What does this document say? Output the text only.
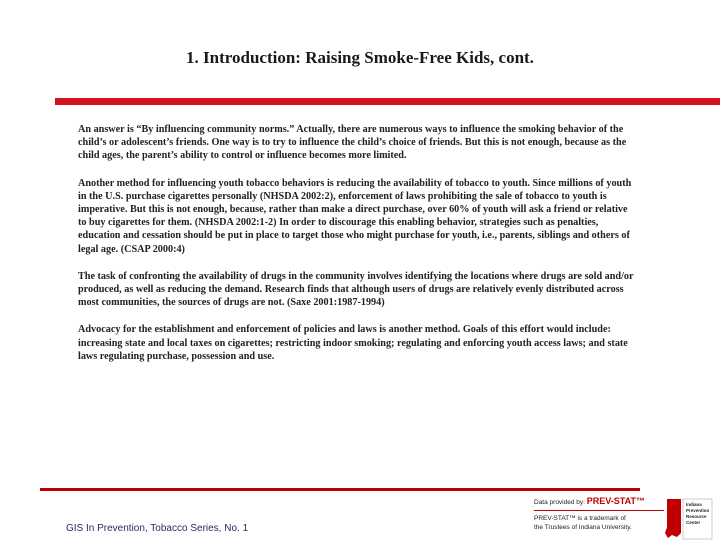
1. Introduction: Raising Smoke-Free Kids, cont.

An answer is “By influencing community norms.” Actually, there are numerous ways to influence the smoking behavior of the child’s or adolescent’s friends. One way is to try to influence the child’s choice of friends. But this is not enough, because as the child ages, the parent’s ability to control or influence becomes more limited.

Another method for influencing youth tobacco behaviors is reducing the availability of tobacco to youth. Since millions of youth in the U.S. purchase cigarettes personally (NHSDA 2002:2), enforcement of laws prohibiting the sale of tobacco to youth is imperative. But this is not enough, because, rather than make a direct purchase, over 60% of youth will ask a friend or relative to buy cigarettes for them. (NHSDA 2002:1-2) In order to discourage this enabling behavior, strategies such as penalties, education and cessation should be put in place to target those who might purchase for youth, i.e., parents, siblings and others of legal age. (CSAP 2000:4)

The task of confronting the availability of drugs in the community involves identifying the locations where drugs are sold and/or produced, as well as reducing the demand. Research finds that although users of drugs are relatively evenly distributed across most communities, the sources of drugs are not. (Saxe 2001:1987-1994)

Advocacy for the establishment and enforcement of policies and laws is another method. Goals of this effort would include: increasing state and local taxes on cigarettes; restricting indoor smoking; regulating and enforcing youth access laws; and state laws regulating purchase, possession and use.

GIS In Prevention, Tobacco Series, No. 1
Data provided by: PREV-STAT™
PREV-STAT™ is a trademark of
the Trustees of Indiana University.
Indiana
Prevention
Resource
Center
